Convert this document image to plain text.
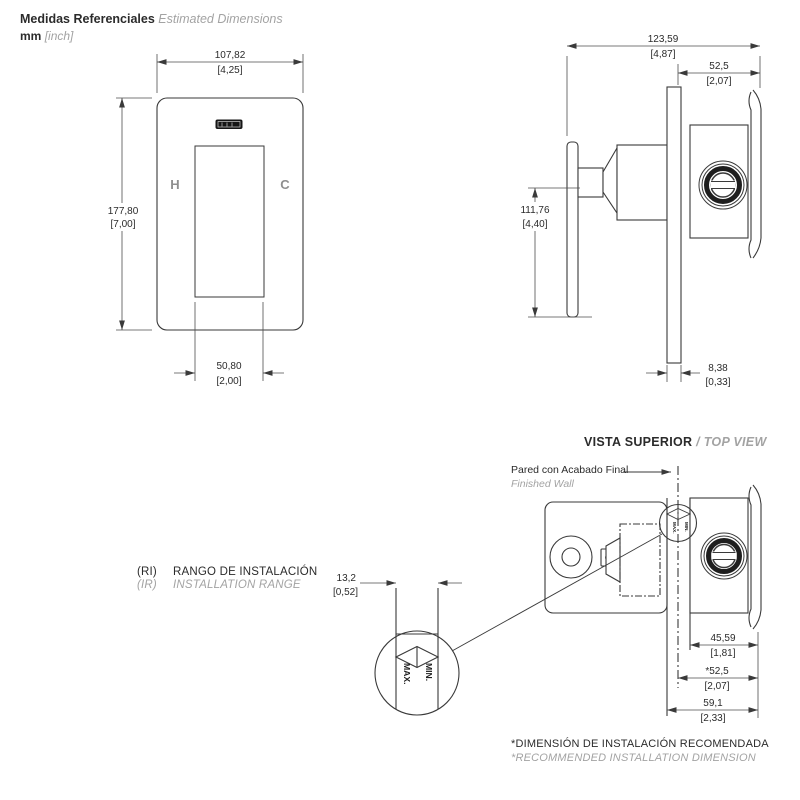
H	C
107,82
[4,25]
177,80
[7,00]
50,80
[2,00]
123,59
[4,87]
52,5
[2,07]
111,76
[4,40]
8,38
[0,33]
MAX. MIN.
MAX. MIN.
13,2
[0,52]
45,59
[1,81]
*52,5
[2,07]
59,1
[2,33]
Medidas Referenciales Estimated Dimensions
mm [inch]
VISTA SUPERIOR / TOP VIEW
Pared con Acabado Final
Finished Wall
(RI)	RANGO DE INSTALACIÓN
(IR)	INSTALLATION RANGE
*DIMENSIÓN DE INSTALACIÓN RECOMENDADA
*RECOMMENDED INSTALLATION DIMENSION
